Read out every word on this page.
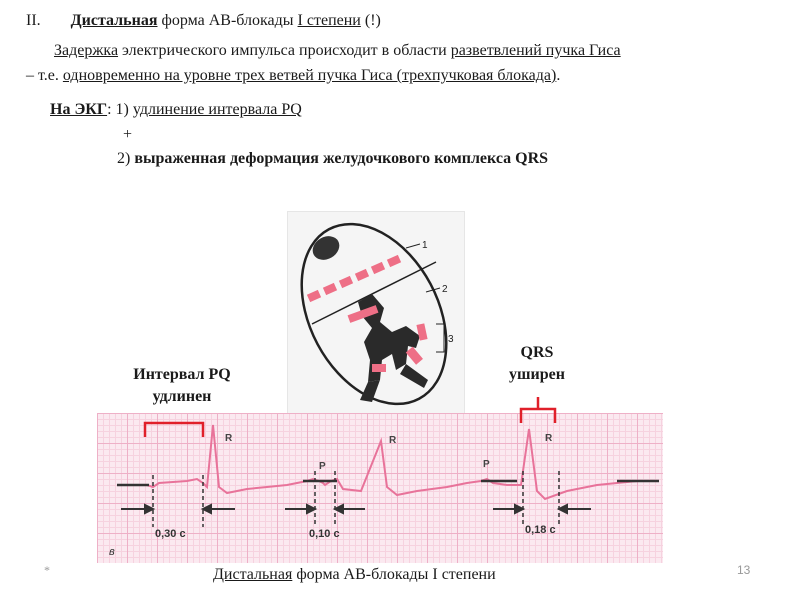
II. Дистальная форма АВ-блокады I степени (!)
Задержка электрического импульса происходит в области разветвлений пучка Гиса
– т.е. одновременно на уровне трех ветвей пучка Гиса (трехпучковая блокада).
На ЭКГ: 1) удлинение интервала PQ
+
2) выраженная деформация желудочкового комплекса QRS
1
2
3
Интервал PQ
удлинен
QRS
уширен
R
P
R
P
R
0,30 с	0,10 с	0,18 с
в
Дистальная форма АВ-блокады I степени
*	13
